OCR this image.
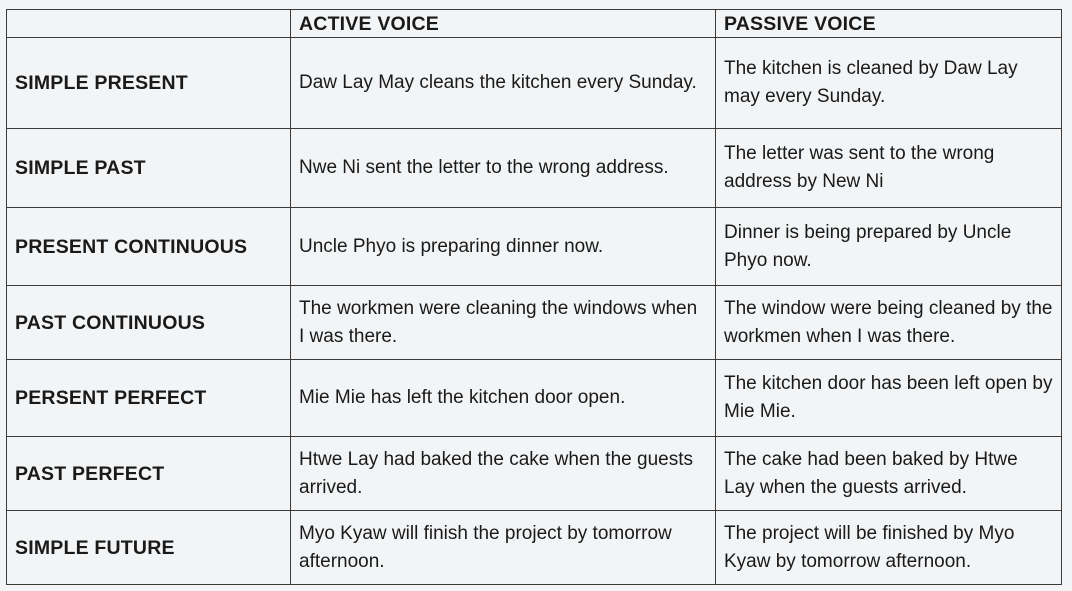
	ACTIVE VOICE	PASSIVE VOICE
SIMPLE PRESENT	Daw Lay May cleans the kitchen every Sunday.	The kitchen is cleaned by Daw Lay may every Sunday.
SIMPLE PAST	Nwe Ni sent the letter to the wrong address.	The letter was sent to the wrong address by New Ni
PRESENT CONTINUOUS	Uncle Phyo is preparing dinner now.	Dinner is being prepared by Uncle Phyo now.
PAST CONTINUOUS	The workmen were cleaning the windows when I was there.	The window were being cleaned by the workmen when I was there.
PERSENT PERFECT	Mie Mie has left the kitchen door open.	The kitchen door has been left open by Mie Mie.
PAST PERFECT	Htwe Lay had baked the cake when the guests arrived.	The cake had been baked by Htwe Lay when the guests arrived.
SIMPLE FUTURE	Myo Kyaw will finish the project by tomorrow afternoon.	The project will be finished by Myo Kyaw by tomorrow afternoon.
